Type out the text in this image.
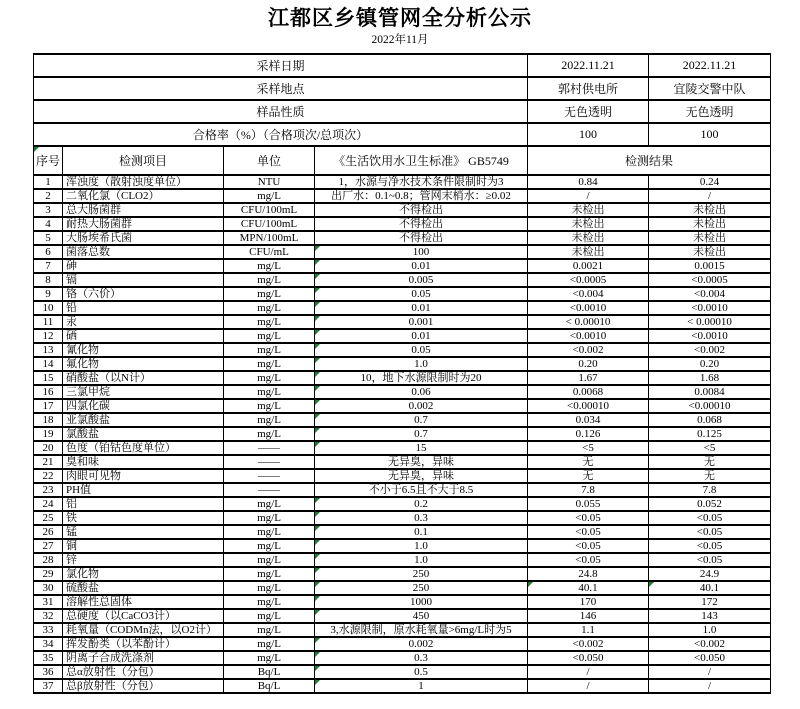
江都区乡镇管网全分析公示
2022年11月
采样日期	2022.11.21	2022.11.21
采样地点	郭村供电所	宜陵交警中队
样品性质	无色透明	无色透明
合格率（%）（合格项次/总项次）	100	100
序号	检测项目	单位	《生活饮用水卫生标准》 GB5749	检测结果	
1	浑浊度（散射浊度单位）	NTU	1，水源与净水技术条件限制时为3	0.84	0.24
2	二氧化氯（CLO2）	mg/L	出厂水：0.1~0.8；管网末梢水：≥0.02	/	/
3	总大肠菌群	CFU/100mL	不得检出	未检出	未检出
4	耐热大肠菌群	CFU/100mL	不得检出	未检出	未检出
5	大肠埃希氏菌	MPN/100mL	不得检出	未检出	未检出
6	菌落总数	CFU/mL	100	未检出	未检出
7	砷	mg/L	0.01	0.0021	0.0015
8	镉	mg/L	0.005	<0.0005	<0.0005
9	铬（六价）	mg/L	0.05	<0.004	<0.004
10	铅	mg/L	0.01	<0.0010	<0.0010
11	汞	mg/L	0.001	< 0.00010	< 0.00010
12	硒	mg/L	0.01	<0.0010	<0.0010
13	氰化物	mg/L	0.05	<0.002	<0.002
14	氟化物	mg/L	1.0	0.20	0.20
15	硝酸盐（以N计）	mg/L	10，地下水源限制时为20	1.67	1.68
16	三氯甲烷	mg/L	0.06	0.0068	0.0084
17	四氯化碳	mg/L	0.002	<0.00010	<0.00010
18	亚氯酸盐	mg/L	0.7	0.034	0.068
19	氯酸盐	mg/L	0.7	0.126	0.125
20	色度（铂钴色度单位）	——	15	<5	<5
21	臭和味	——	无异臭，异味	无	无
22	肉眼可见物	——	无异臭，异味	无	无
23	PH值	——	不小于6.5且不大于8.5	7.8	7.8
24	铝	mg/L	0.2	0.055	0.052
25	铁	mg/L	0.3	<0.05	<0.05
26	锰	mg/L	0.1	<0.05	<0.05
27	铜	mg/L	1.0	<0.05	<0.05
28	锌	mg/L	1.0	<0.05	<0.05
29	氯化物	mg/L	250	24.8	24.9
30	硫酸盐	mg/L	250	40.1	40.1
31	溶解性总固体	mg/L	1000	170	172
32	总硬度（以CaCO3计）	mg/L	450	146	143
33	耗氧量（CODMn法，以O2计）	mg/L	3,水源限制，原水耗氧量>6mg/L时为5	1.1	1.0
34	挥发酚类（以苯酚计）	mg/L	0.002	<0.002	<0.002
35	阴离子合成洗涤剂	mg/L	0.3	<0.050	<0.050
36	总α放射性（分包）	Bq/L	0.5	/	/
37	总β放射性（分包）	Bq/L	1	/	/
